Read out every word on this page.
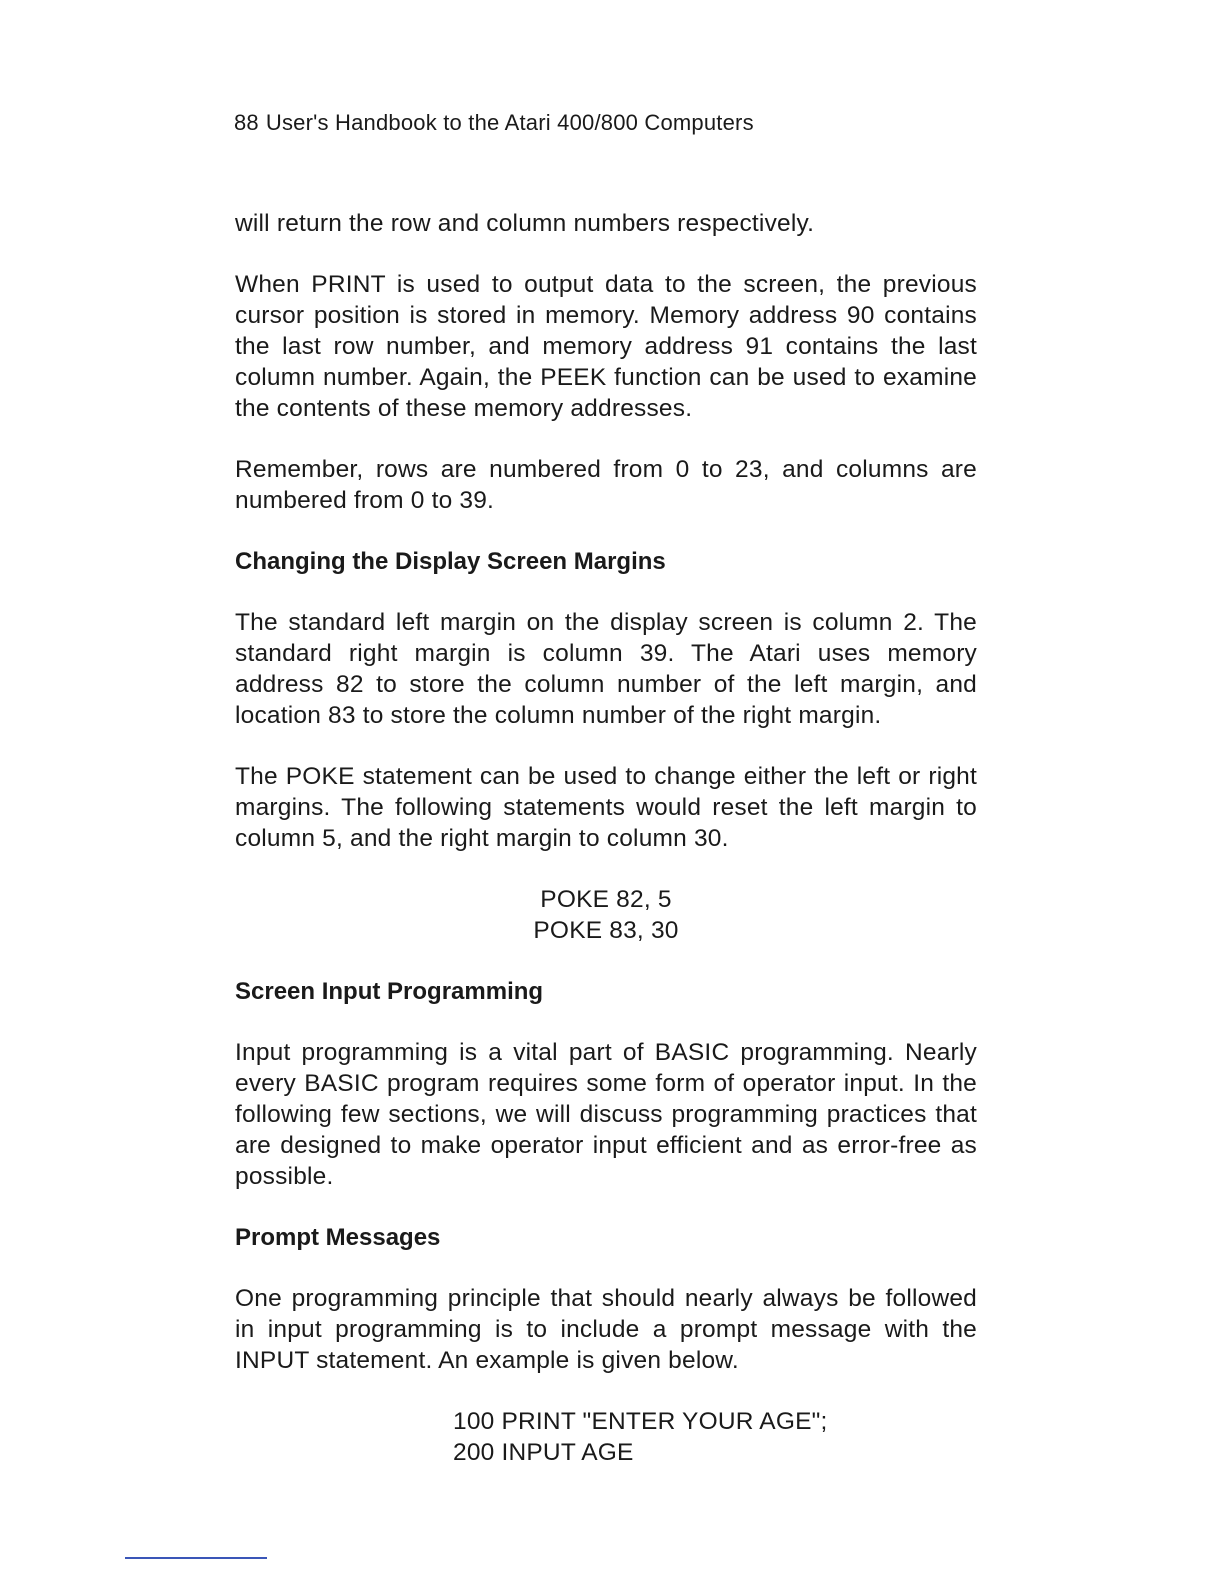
88 User's Handbook to the Atari 400/800 Computers

will return the row and column numbers respectively.

When PRINT is used to output data to the screen, the previous cursor position is stored in memory. Memory address 90 contains the last row number, and memory address 91 contains the last column number. Again, the PEEK function can be used to examine the contents of these memory addresses.

Remember, rows are numbered from 0 to 23, and columns are numbered from 0 to 39.

Changing the Display Screen Margins

The standard left margin on the display screen is column 2. The standard right margin is column 39. The Atari uses memory address 82 to store the column number of the left margin, and location 83 to store the column number of the right margin.

The POKE statement can be used to change either the left or right margins. The following statements would reset the left margin to column 5, and the right margin to column 30.

POKE 82, 5
POKE 83, 30
Screen Input Programming

Input programming is a vital part of BASIC programming. Nearly every BASIC program requires some form of operator input. In the following few sections, we will discuss programming practices that are designed to make operator input efficient and as error-free as possible.

Prompt Messages

One programming principle that should nearly always be followed in input programming is to include a prompt message with the INPUT statement. An example is given below.

100 PRINT "ENTER YOUR AGE";
200 INPUT AGE
